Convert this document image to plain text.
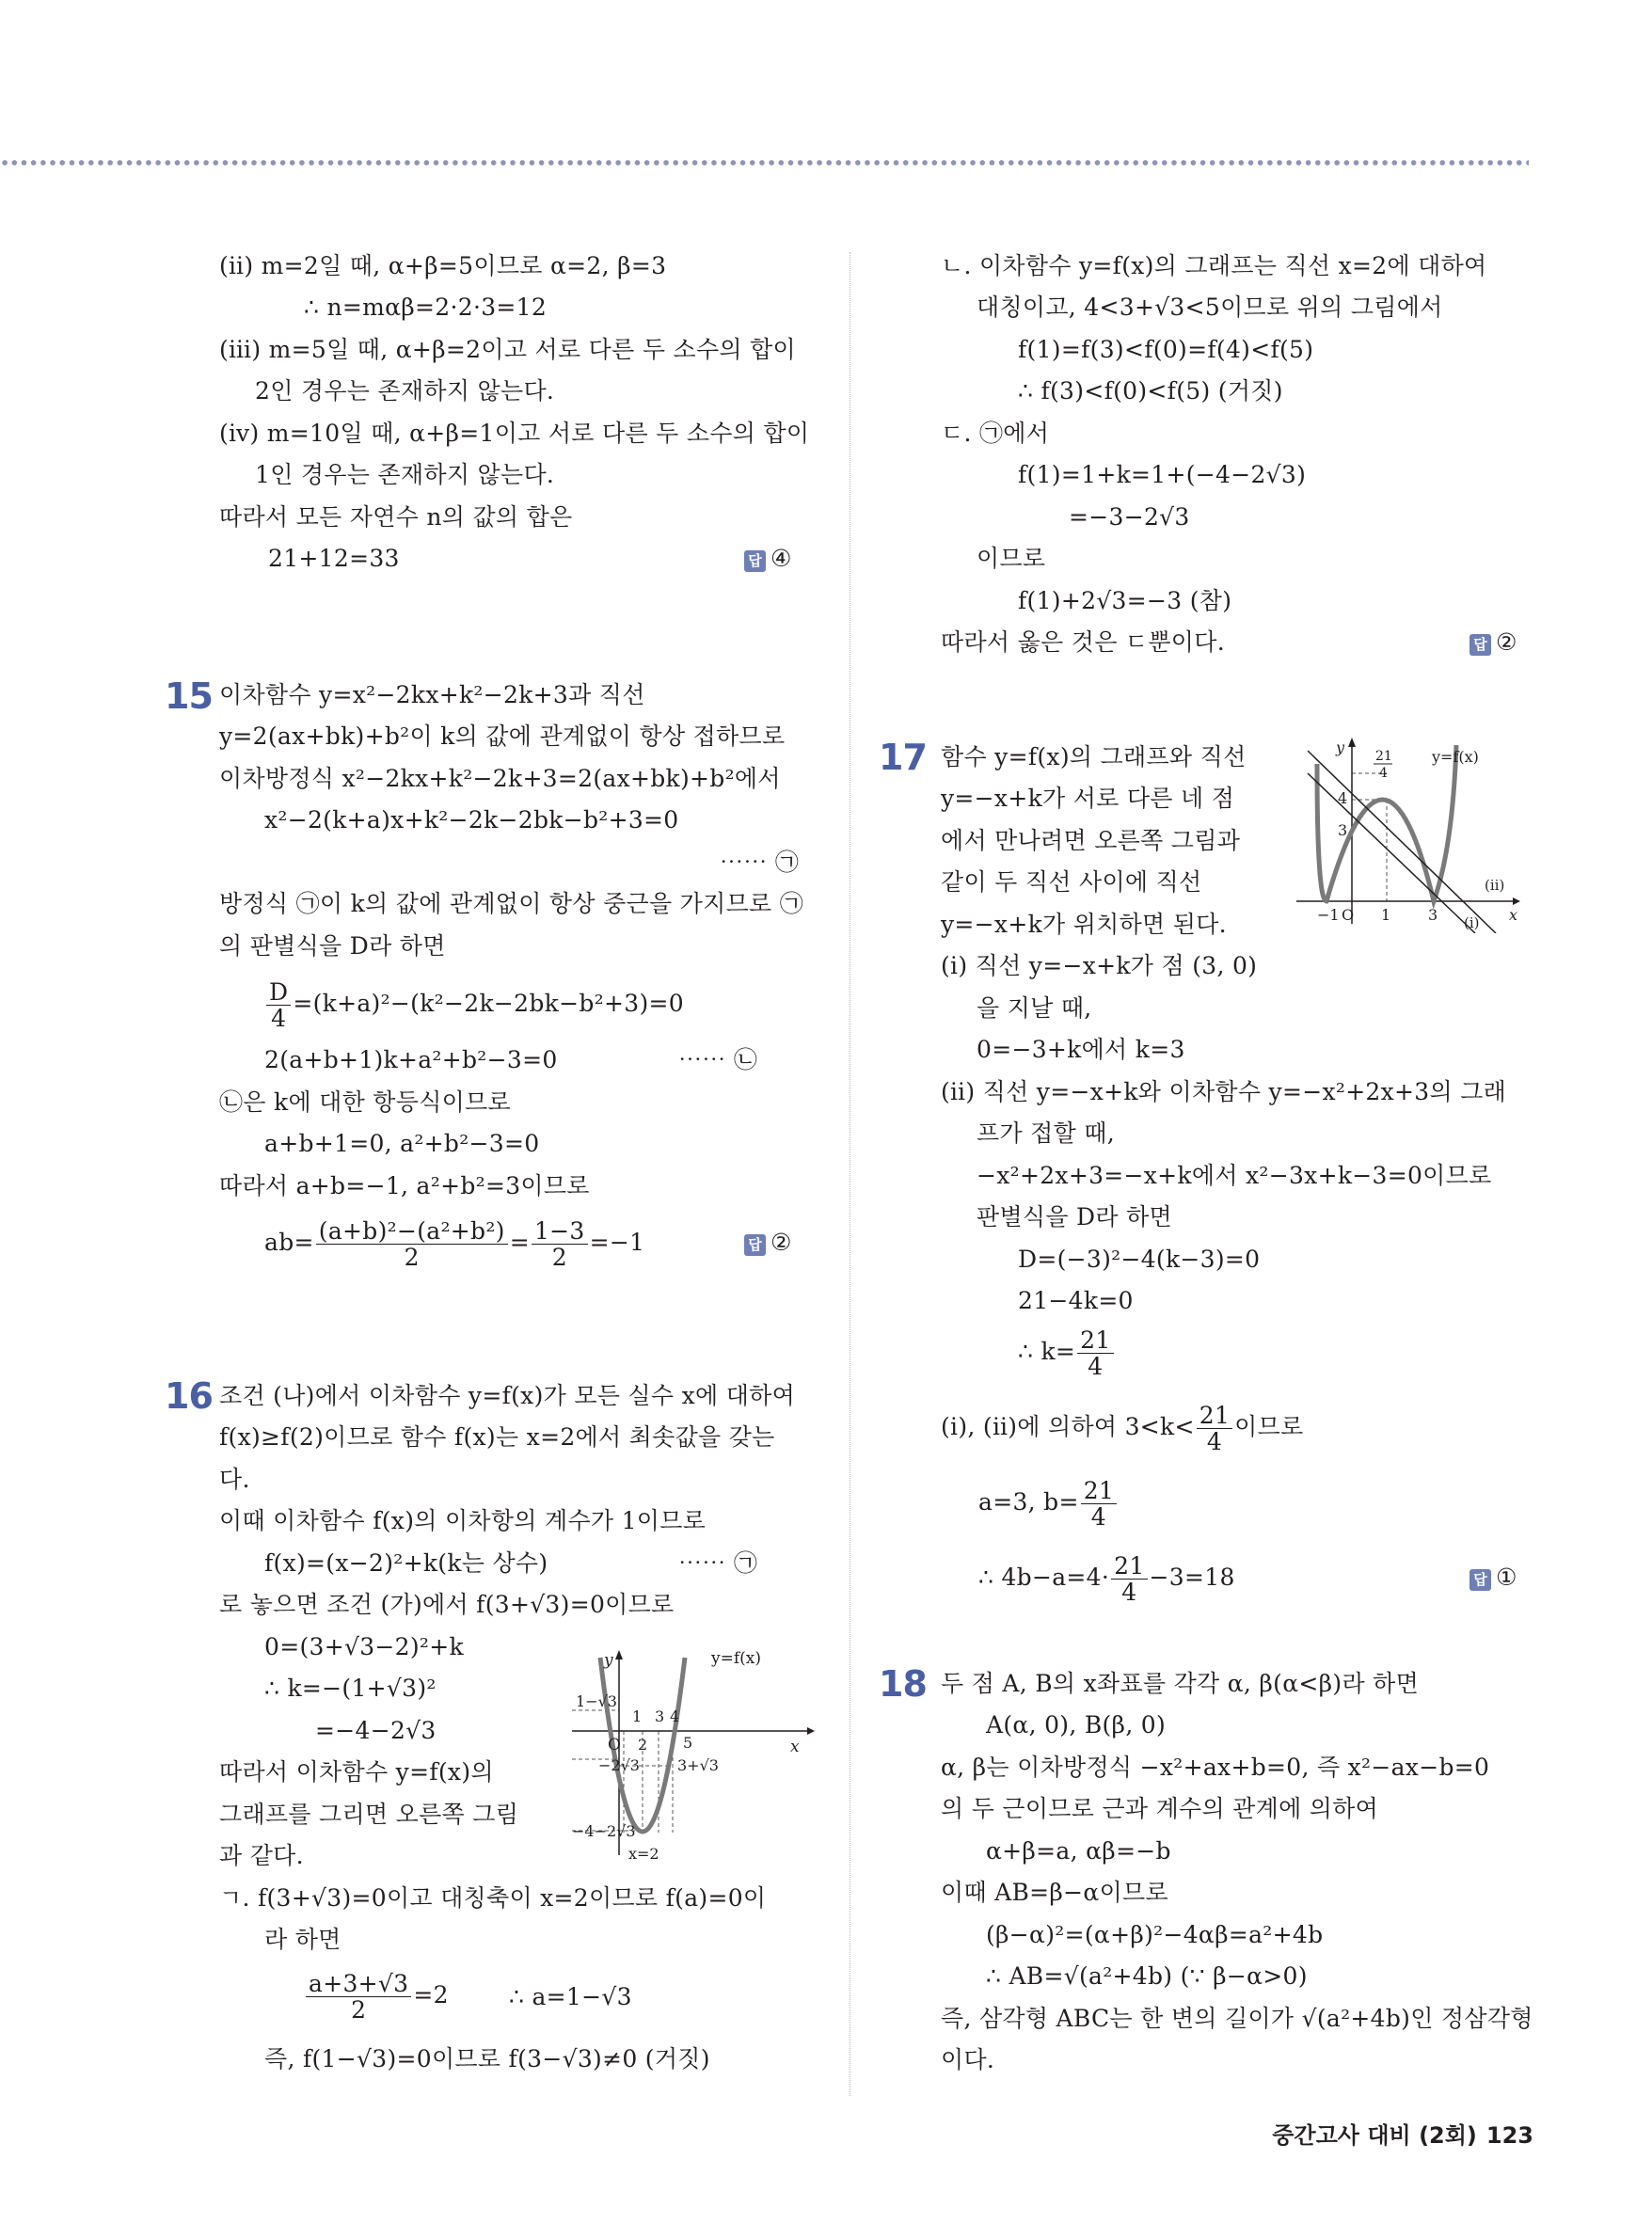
(ⅱ) m=2일 때, α+β=5이므로 α=2, β=3
∴ n=mαβ=2·2·3=12
(ⅲ) m=5일 때, α+β=2이고 서로 다른 두 소수의 합이
2인 경우는 존재하지 않는다.
(ⅳ) m=10일 때, α+β=1이고 서로 다른 두 소수의 합이
1인 경우는 존재하지 않는다.
따라서 모든 자연수 n의 값의 합은
21+12=33	답 ④
15 이차함수 y=x²−2kx+k²−2k+3과 직선
y=2(ax+bk)+b²이 k의 값에 관계없이 항상 접하므로
이차방정식 x²−2kx+k²−2k+3=2(ax+bk)+b²에서
x²−2(k+a)x+k²−2k−2bk−b²+3=0
⋯⋯ ㉠
방정식 ㉠이 k의 값에 관계없이 항상 중근을 가지므로 ㉠
의 판별식을 D라 하면
$\frac{D}{4} =(k+a)^2-(k^2-2k-2bk-b^2+3)=0$
2(a+b+1)k+a²+b²−3=0	⋯⋯ ㉡
㉡은 k에 대한 항등식이므로
a+b+1=0, a²+b²−3=0
따라서 a+b=−1, a²+b²=3이므로
$ab= \frac{\text{(a+b)²−(a²+b²)}}{2} = \frac{1-3}{2} =-1$	답 ②
16 조건 (나)에서 이차함수 y=f(x)가 모든 실수 x에 대하여
f(x)≥f(2)이므로 함수 f(x)는 x=2에서 최솟값을 갖는
다.
이때 이차함수 f(x)의 이차항의 계수가 1이므로
f(x)=(x−2)²+k(k는 상수)	⋯⋯ ㉠
로 놓으면 조건 (가)에서 f(3+√3)=0이므로
0=(3+√3−2)²+k
∴ k=−(1+√3)²
=−4−2√3
따라서 이차함수 y=f(x)의
그래프를 그리면 오른쪽 그림
과 같다.
ㄱ. f(3+√3)=0이고 대칭축이 x=2이므로 f(a)=0이
라 하면
$\frac{a+3+√3}{2} =2$	∴ a=1−√3
즉, f(1−√3)=0이므로 f(3−√3)≠0 (거짓)
y=f(x)
y
x
O
1−√3
−2√3
−4−2√3
1 3 4
2 5
3+√3
x=2
ㄴ. 이차함수 y=f(x)의 그래프는 직선 x=2에 대하여
대칭이고, 4<3+√3<5이므로 위의 그림에서
f(1)=f(3)<f(0)=f(4)<f(5)
∴ f(3)<f(0)<f(5) (거짓)
ㄷ. ㉠에서
f(1)=1+k=1+(−4−2√3)
=−3−2√3
이므로
f(1)+2√3=−3 (참)
따라서 옳은 것은 ㄷ뿐이다.	답 ②
17 함수 y=f(x)의 그래프와 직선
y=−x+k가 서로 다른 네 점
에서 만나려면 오른쪽 그림과
같이 두 직선 사이에 직선
y=−x+k가 위치하면 된다.
(ⅰ) 직선 y=−x+k가 점 (3, 0)
을 지날 때,
0=−3+k에서 k=3
(ⅱ) 직선 y=−x+k와 이차함수 y=−x²+2x+3의 그래
프가 접할 때,
−x²+2x+3=−x+k에서 x²−3x+k−3=0이므로
판별식을 D라 하면
D=(−3)²−4(k−3)=0
21−4k=0
∴ $k= \frac{21}{4}$
(ⅰ), (ⅱ)에 의하여 $3<k< \frac{21}{4}$ 이므로
a=3, $b= \frac{21}{4}$
∴ $4b-a=4\cdot \frac{21}{4} -3=18$	답 ①
18 두 점 A, B의 x좌표를 각각 α, β(α<β)라 하면
A(α, 0), B(β, 0)
α, β는 이차방정식 −x²+ax+b=0, 즉 x²−ax−b=0
의 두 근이므로 근과 계수의 관계에 의하여
α+β=a, αβ=−b
이때 AB=β−α이므로
(β−α)²=(α+β)²−4αβ=a²+4b
∴ AB=√(a²+4b) (∵ β−α>0)
즉, 삼각형 ABC는 한 변의 길이가 √(a²+4b)인 정삼각형
이다.
y
x
y=f(x)
21
4
4
3
−1 O 1 3
(ⅱ)
(ⅰ)
중간고사 대비 (2회) 123
